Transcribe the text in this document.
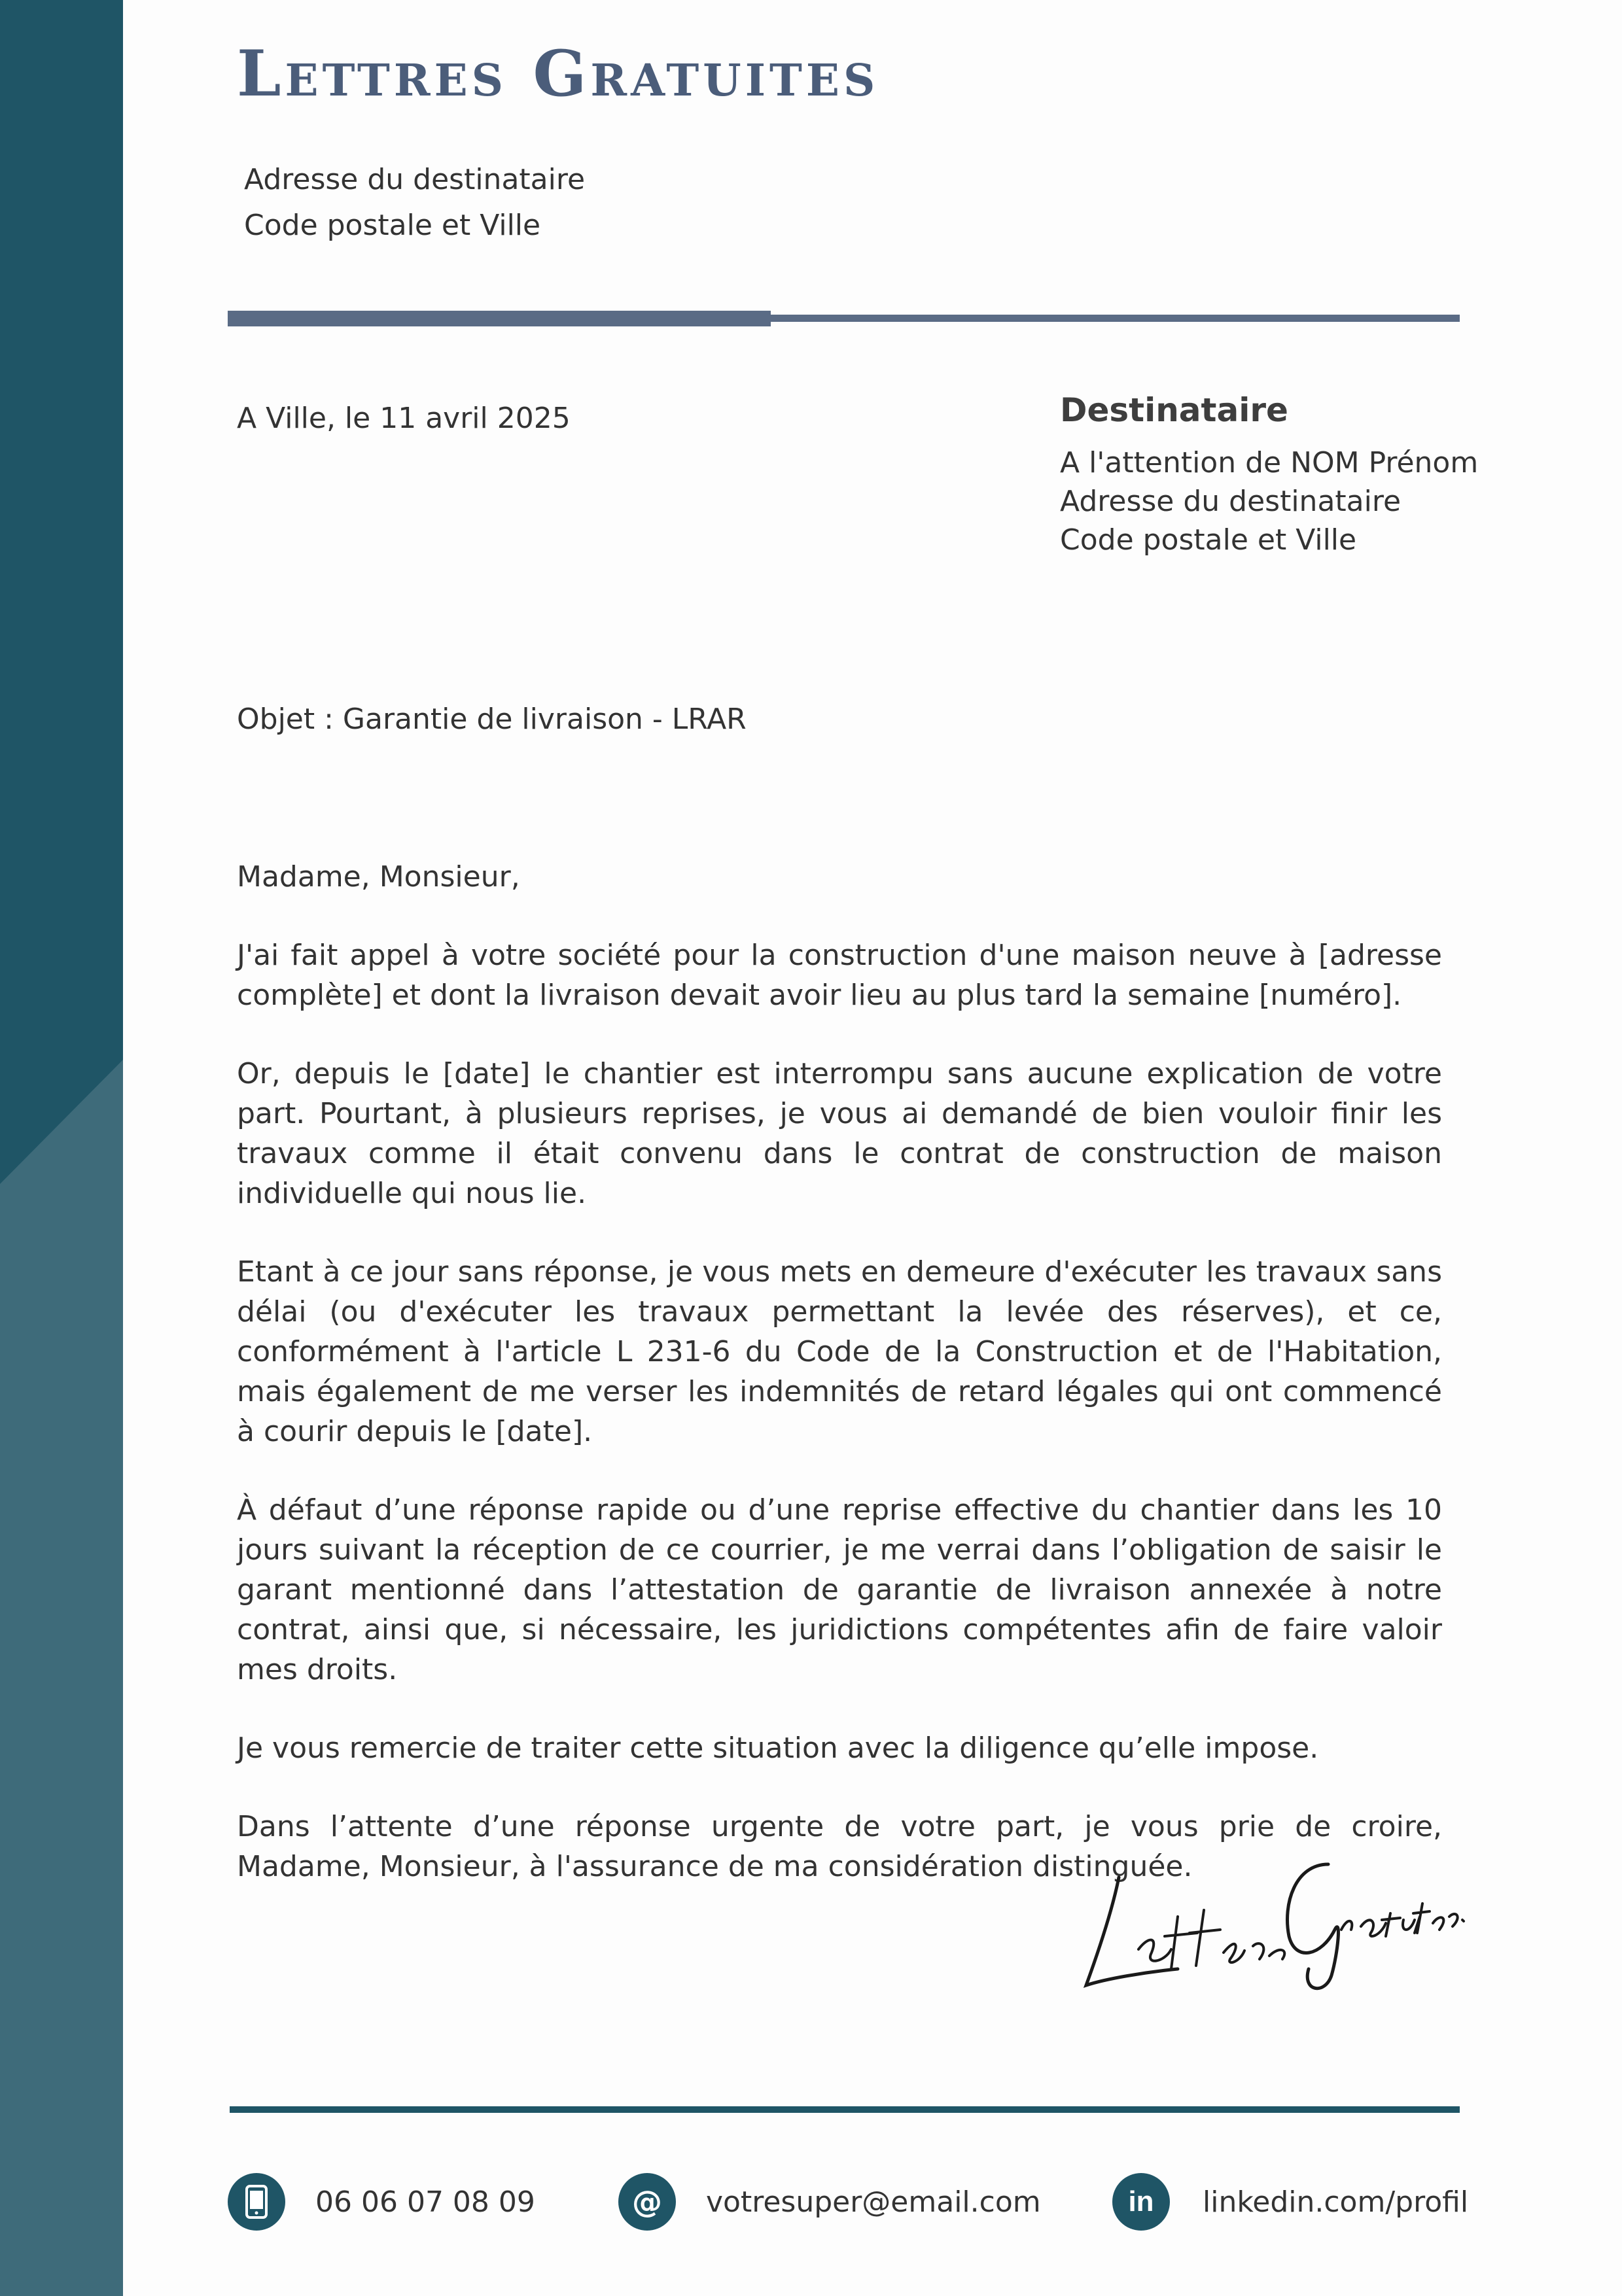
Lettres Gratuites
Adresse du destinataire
Code postale et Ville
A Ville, le 11 avril 2025	Destinataire
A l'attention de NOM Prénom
Adresse du destinataire
Code postale et Ville
Objet : Garantie de livraison - LRAR

Madame, Monsieur,

J'ai fait appel à votre société pour la construction d'une maison neuve à [adresse complète] et dont la livraison devait avoir lieu au plus tard la semaine [numéro].

Or, depuis le [date] le chantier est interrompu sans aucune explication de votre part. Pourtant, à plusieurs reprises, je vous ai demandé de bien vouloir finir les travaux comme il était convenu dans le contrat de construction de maison individuelle qui nous lie.

Etant à ce jour sans réponse, je vous mets en demeure d'exécuter les travaux sans délai (ou d'exécuter les travaux permettant la levée des réserves), et ce, conformément à l'article L 231-6 du Code de la Construction et de l'Habitation, mais également de me verser les indemnités de retard légales qui ont commencé à courir depuis le [date].

À défaut d’une réponse rapide ou d’une reprise effective du chantier dans les 10 jours suivant la réception de ce courrier, je me verrai dans l’obligation de saisir le garant mentionné dans l’attestation de garantie de livraison annexée à notre contrat, ainsi que, si nécessaire, les juridictions compétentes afin de faire valoir mes droits.

Je vous remercie de traiter cette situation avec la diligence qu’elle impose.

Dans l’attente d’une réponse urgente de votre part, je vous prie de croire, Madame, Monsieur, à l'assurance de ma considération distinguée.

06 06 07 08 09	@ votresuper@email.com	in linkedin.com/profil
